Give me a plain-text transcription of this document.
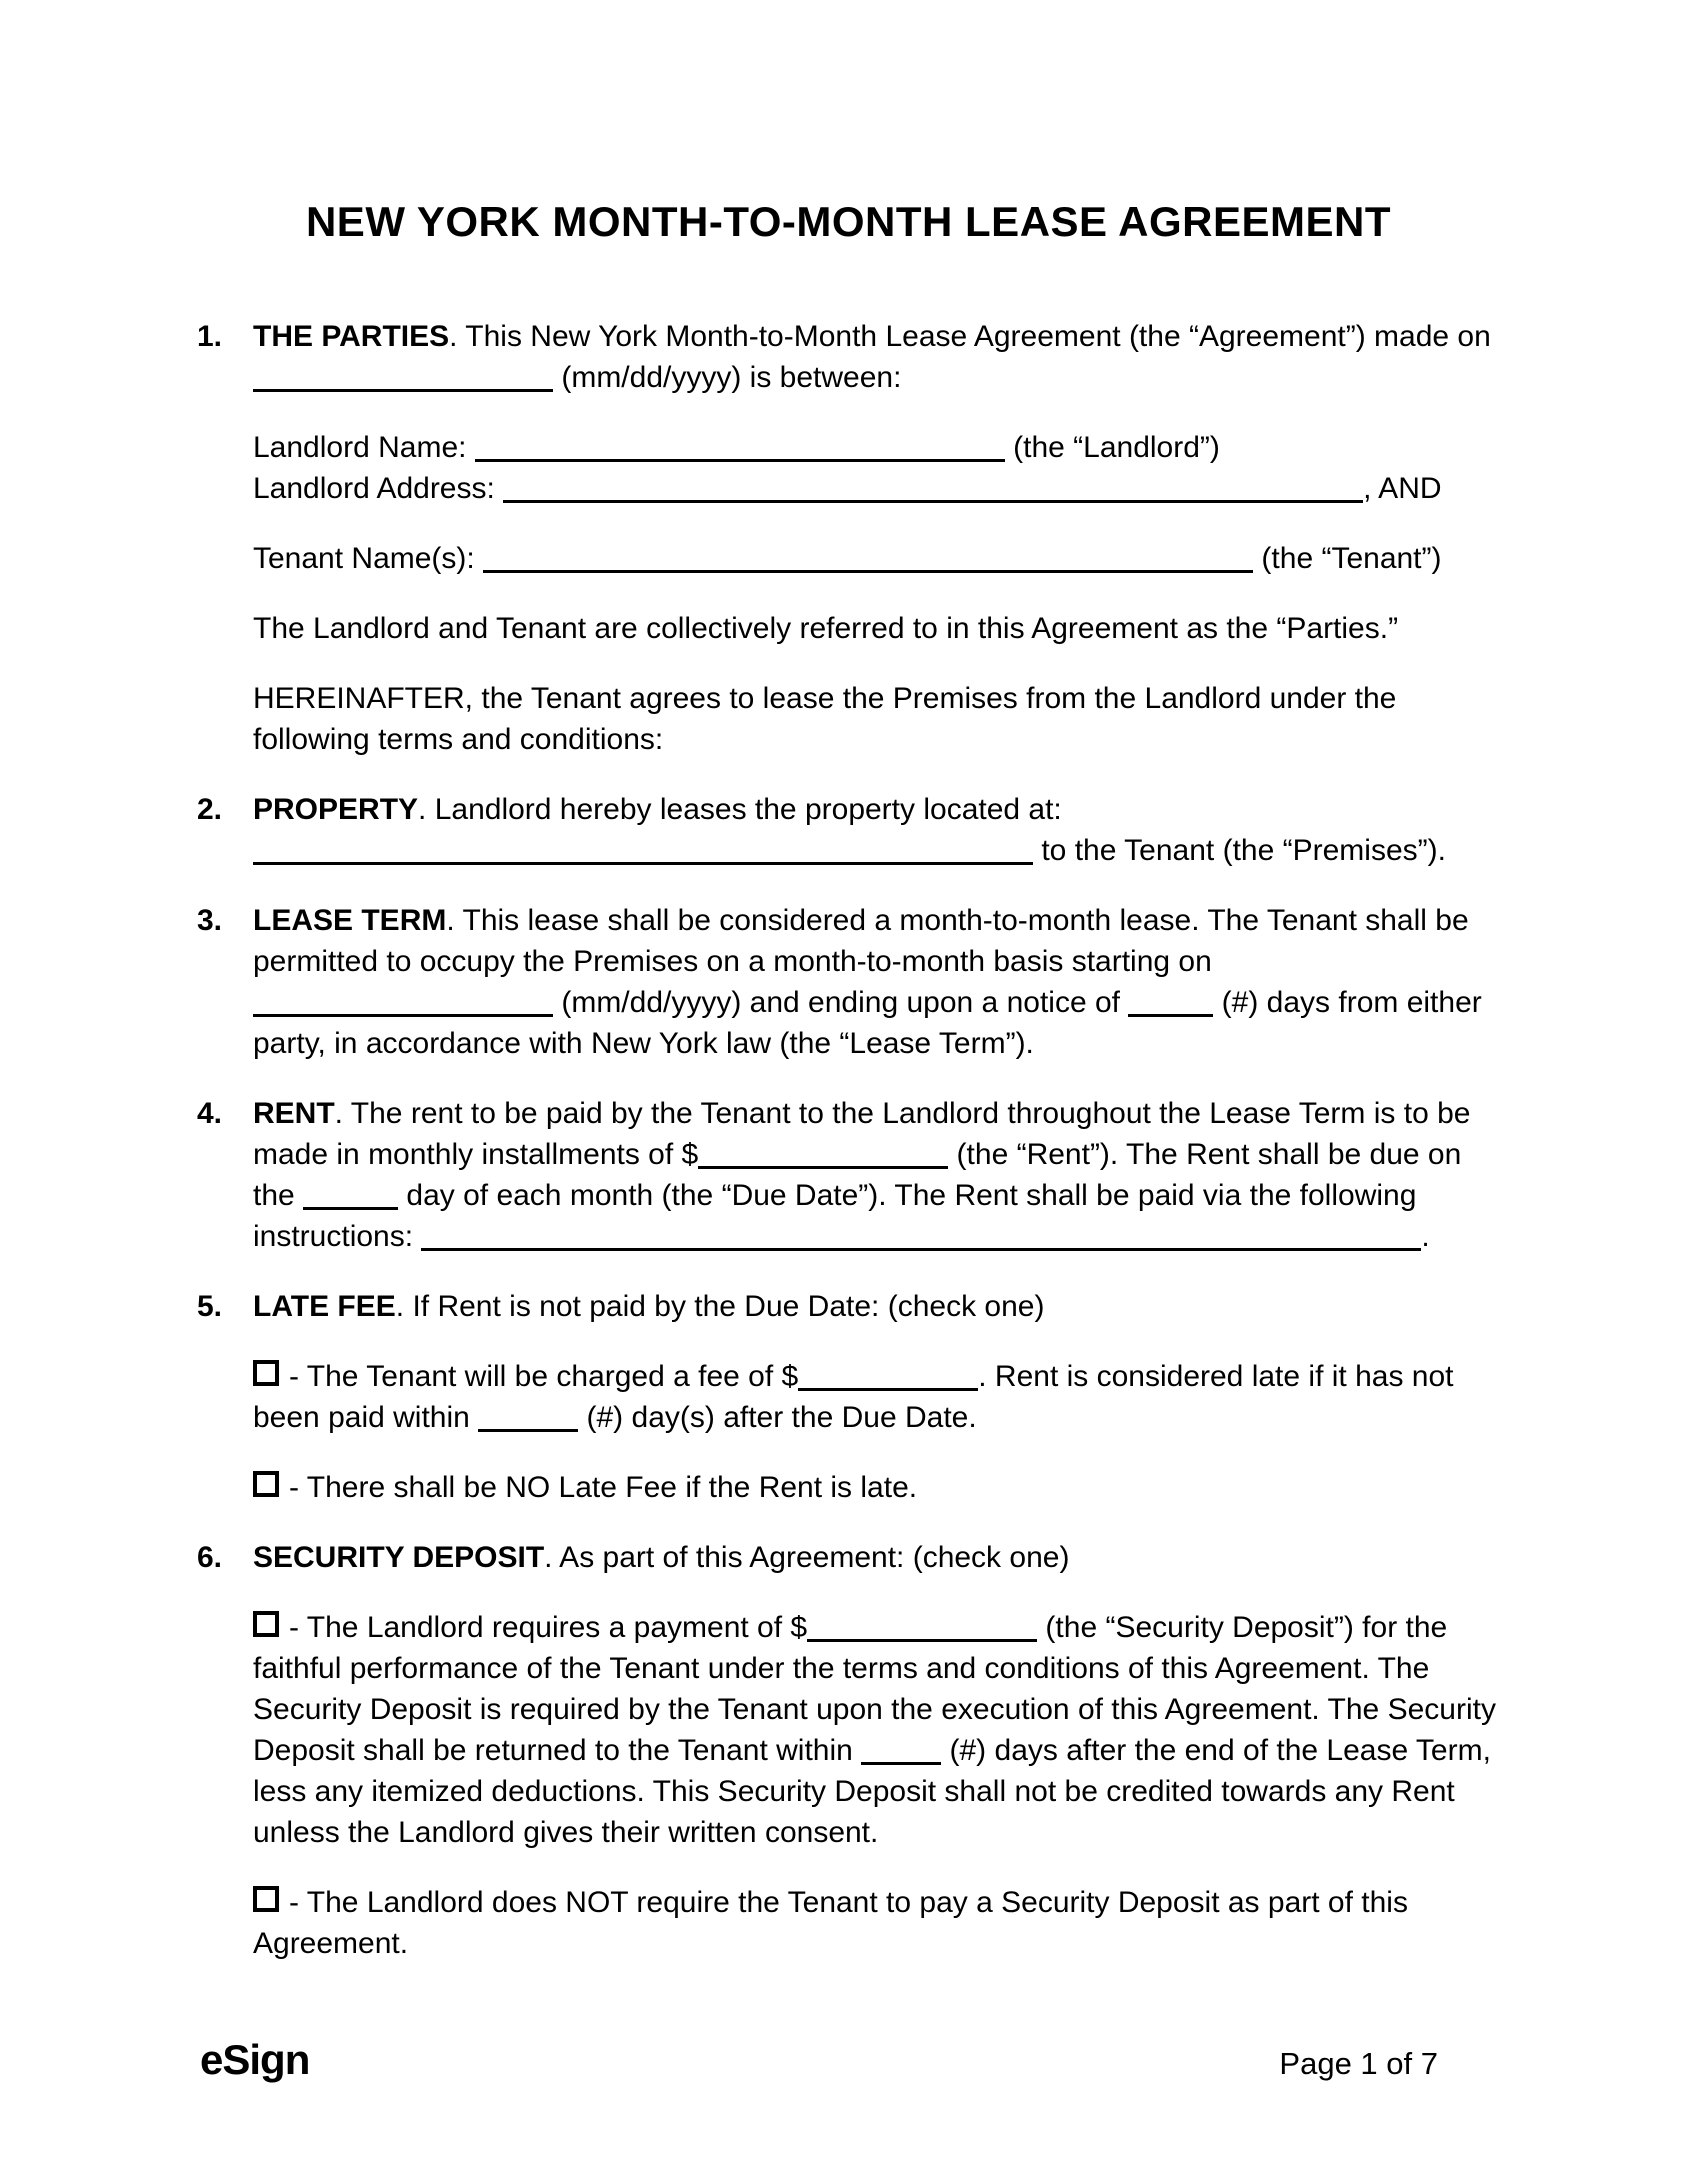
NEW YORK MONTH-TO-MONTH LEASE AGREEMENT
1.	THE PARTIES. This New York Month-to-Month Lease Agreement (the “Agreement”) made on  (mm/dd/yyyy) is between:

Landlord Name:	(the “Landlord”)
Landlord Address:	, AND

Tenant Name(s):	(the “Tenant”)

The Landlord and Tenant are collectively referred to in this Agreement as the “Parties.”

HEREINAFTER, the Tenant agrees to lease the Premises from the Landlord under the following terms and conditions:

2.	PROPERTY. Landlord hereby leases the property located at:
to the Tenant (the “Premises”).

3.	LEASE TERM. This lease shall be considered a month-to-month lease. The Tenant shall be permitted to occupy the Premises on a month-to-month basis starting on  (mm/dd/yyyy) and ending upon a notice of	(#) days from either party, in accordance with New York law (the “Lease Term”).

4.	RENT. The rent to be paid by the Tenant to the Landlord throughout the Lease Term is to be made in monthly installments of $	(the “Rent”). The Rent shall be due on the	day of each month (the “Due Date”). The Rent shall be paid via the following instructions:	.

5.	LATE FEE. If Rent is not paid by the Due Date: (check one)

- The Tenant will be charged a fee of $	. Rent is considered late if it has not been paid within	(#) day(s) after the Due Date.

- There shall be NO Late Fee if the Rent is late.

6.	SECURITY DEPOSIT. As part of this Agreement: (check one)

- The Landlord requires a payment of $	(the “Security Deposit”) for the faithful performance of the Tenant under the terms and conditions of this Agreement. The Security Deposit is required by the Tenant upon the execution of this Agreement. The Security Deposit shall be returned to the Tenant within	(#) days after the end of the Lease Term, less any itemized deductions. This Security Deposit shall not be credited towards any Rent unless the Landlord gives their written consent.

- The Landlord does NOT require the Tenant to pay a Security Deposit as part of this Agreement.

eSign	Page 1 of 7
